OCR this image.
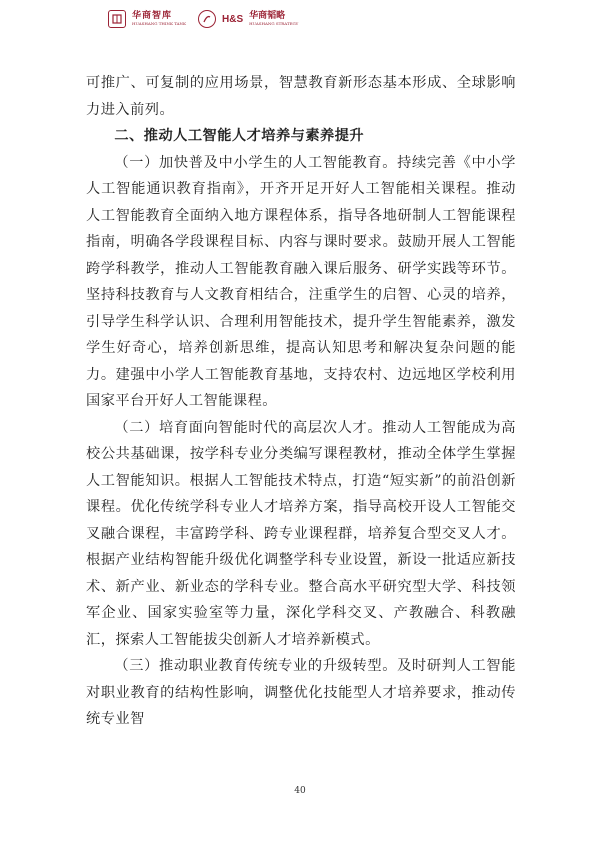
华商智库
HUASHANG THINK TANK	H&S 华商韬略
HUASHANG STRATEGY

可推广、可复制的应用场景，智慧教育新形态基本形成、全球影响力进入前列。

二、推动人工智能人才培养与素养提升

（一）加快普及中小学生的人工智能教育。持续完善《中小学人工智能通识教育指南》，开齐开足开好人工智能相关课程。推动人工智能教育全面纳入地方课程体系，指导各地研制人工智能课程指南，明确各学段课程目标、内容与课时要求。鼓励开展人工智能跨学科教学，推动人工智能教育融入课后服务、研学实践等环节。坚持科技教育与人文教育相结合，注重学生的启智、心灵的培养，引导学生科学认识、合理利用智能技术，提升学生智能素养，激发学生好奇心，培养创新思维，提高认知思考和解决复杂问题的能力。建强中小学人工智能教育基地，支持农村、边远地区学校利用国家平台开好人工智能课程。

（二）培育面向智能时代的高层次人才。推动人工智能成为高校公共基础课，按学科专业分类编写课程教材，推动全体学生掌握人工智能知识。根据人工智能技术特点，打造“短实新”的前沿创新课程。优化传统学科专业人才培养方案，指导高校开设人工智能交叉融合课程，丰富跨学科、跨专业课程群，培养复合型交叉人才。根据产业结构智能升级优化调整学科专业设置，新设一批适应新技术、新产业、新业态的学科专业。整合高水平研究型大学、科技领军企业、国家实验室等力量，深化学科交叉、产教融合、科教融汇，探索人工智能拔尖创新人才培养新模式。

（三）推动职业教育传统专业的升级转型。及时研判人工智能对职业教育的结构性影响，调整优化技能型人才培养要求，推动传统专业智

40
